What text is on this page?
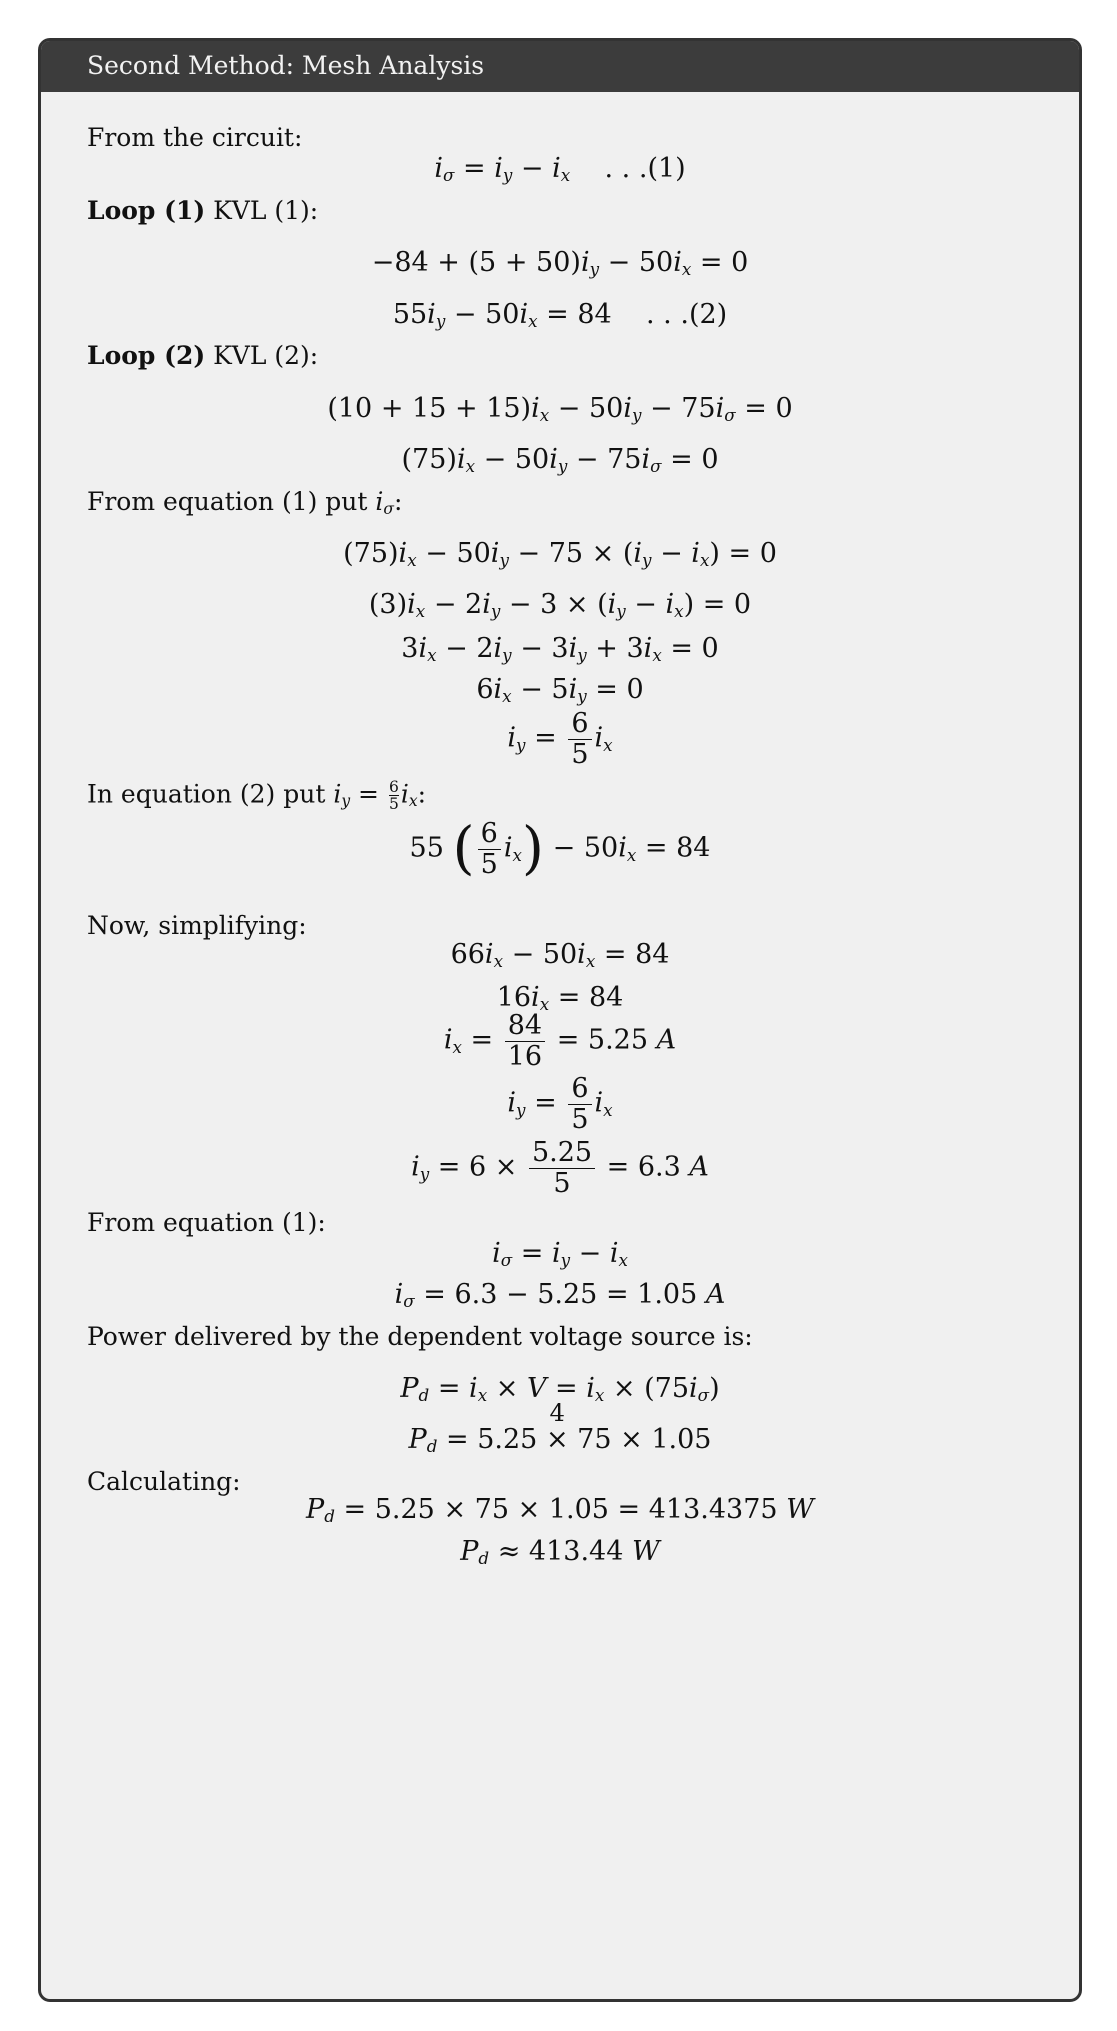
Second Method: Mesh Analysis
From the circuit:
$i_\sigma = i_y - i_x$    . . .(1)
Loop (1) KVL (1):
$-84 + (5 + 50)i_y - 50i_x = 0$
$55i_y - 50i_x = 84$    . . .(2)
Loop (2) KVL (2):
$(10 + 15 + 15)i_x - 50i_y - 75i_\sigma = 0$
$(75)i_x - 50i_y - 75i_\sigma = 0$
From equation (1) put $i_\sigma$:
$(75)i_x - 50i_y - 75 \times (i_y - i_x) = 0$
$(3)i_x - 2i_y - 3 \times (i_y - i_x) = 0$
$3i_x - 2i_y - 3i_y + 3i_x = 0$
$6i_x - 5i_y = 0$
$i_y = \frac{6}{5} i_x$
In equation (2) put $i_y = \frac{6}{5} i_x$:
55 ( $\frac{6}{5} i_x) - 50i_x = 84$
Now, simplifying:
$66i_x - 50i_x = 84$
$16i_x = 84$
$i_x = \frac{84}{16} = 5.25$ A
$i_y = \frac{6}{5} i_x$
$i_y = 6 \times \frac{5.25}{5} = 6.3$ A
From equation (1):
$i_\sigma = i_y - i_x$
$i_\sigma = 6.3 - 5.25 = 1.05$ A
Power delivered by the dependent voltage source is:
$P_d = i_x \times V = i_x \times (75i_\sigma)$
$P_d = 5.25$ ×
4
75 × 1.05
Calculating:
$P_d = 5.25 \times 75 \times 1.05 = 413.4375$ W
$P_d \approx 413.44$ W
